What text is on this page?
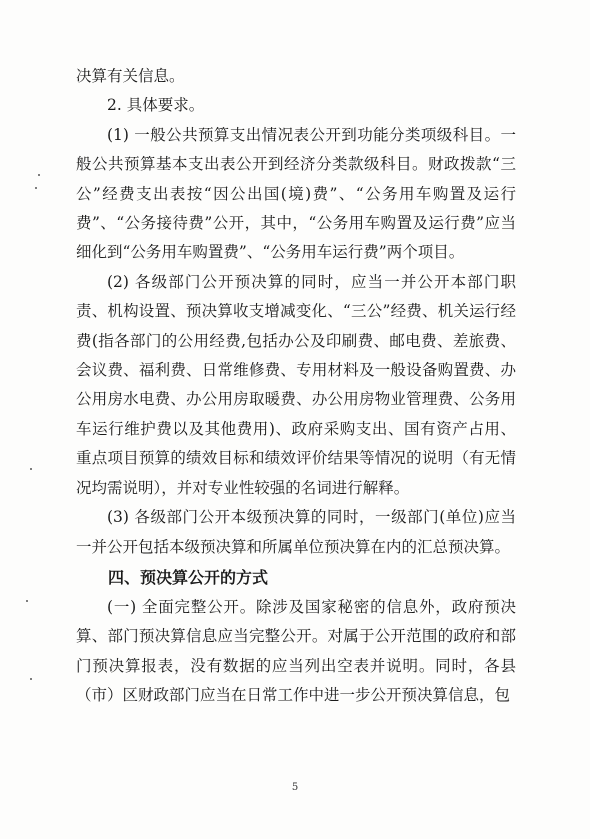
决算有关信息。

2. 具体要求。

(1) 一般公共预算支出情况表公开到功能分类项级科目。一般公共预算基本支出表公开到经济分类款级科目。财政拨款“三公”经费支出表按“因公出国(境)费”、“公务用车购置及运行费”、“公务接待费”公开，其中，“公务用车购置及运行费”应当细化到“公务用车购置费”、“公务用车运行费”两个项目。

(2) 各级部门公开预决算的同时，应当一并公开本部门职责、机构设置、预决算收支增减变化、“三公”经费、机关运行经费(指各部门的公用经费,包括办公及印刷费、邮电费、差旅费、会议费、福利费、日常维修费、专用材料及一般设备购置费、办公用房水电费、办公用房取暖费、办公用房物业管理费、公务用车运行维护费以及其他费用)、政府采购支出、国有资产占用、重点项目预算的绩效目标和绩效评价结果等情况的说明（有无情况均需说明），并对专业性较强的名词进行解释。

(3) 各级部门公开本级预决算的同时，一级部门(单位)应当一并公开包括本级预决算和所属单位预决算在内的汇总预决算。

四、预决算公开的方式

(一) 全面完整公开。除涉及国家秘密的信息外，政府预决算、部门预决算信息应当完整公开。对属于公开范围的政府和部门预决算报表，没有数据的应当列出空表并说明。同时，各县（市）区财政部门应当在日常工作中进一步公开预决算信息，包

5
